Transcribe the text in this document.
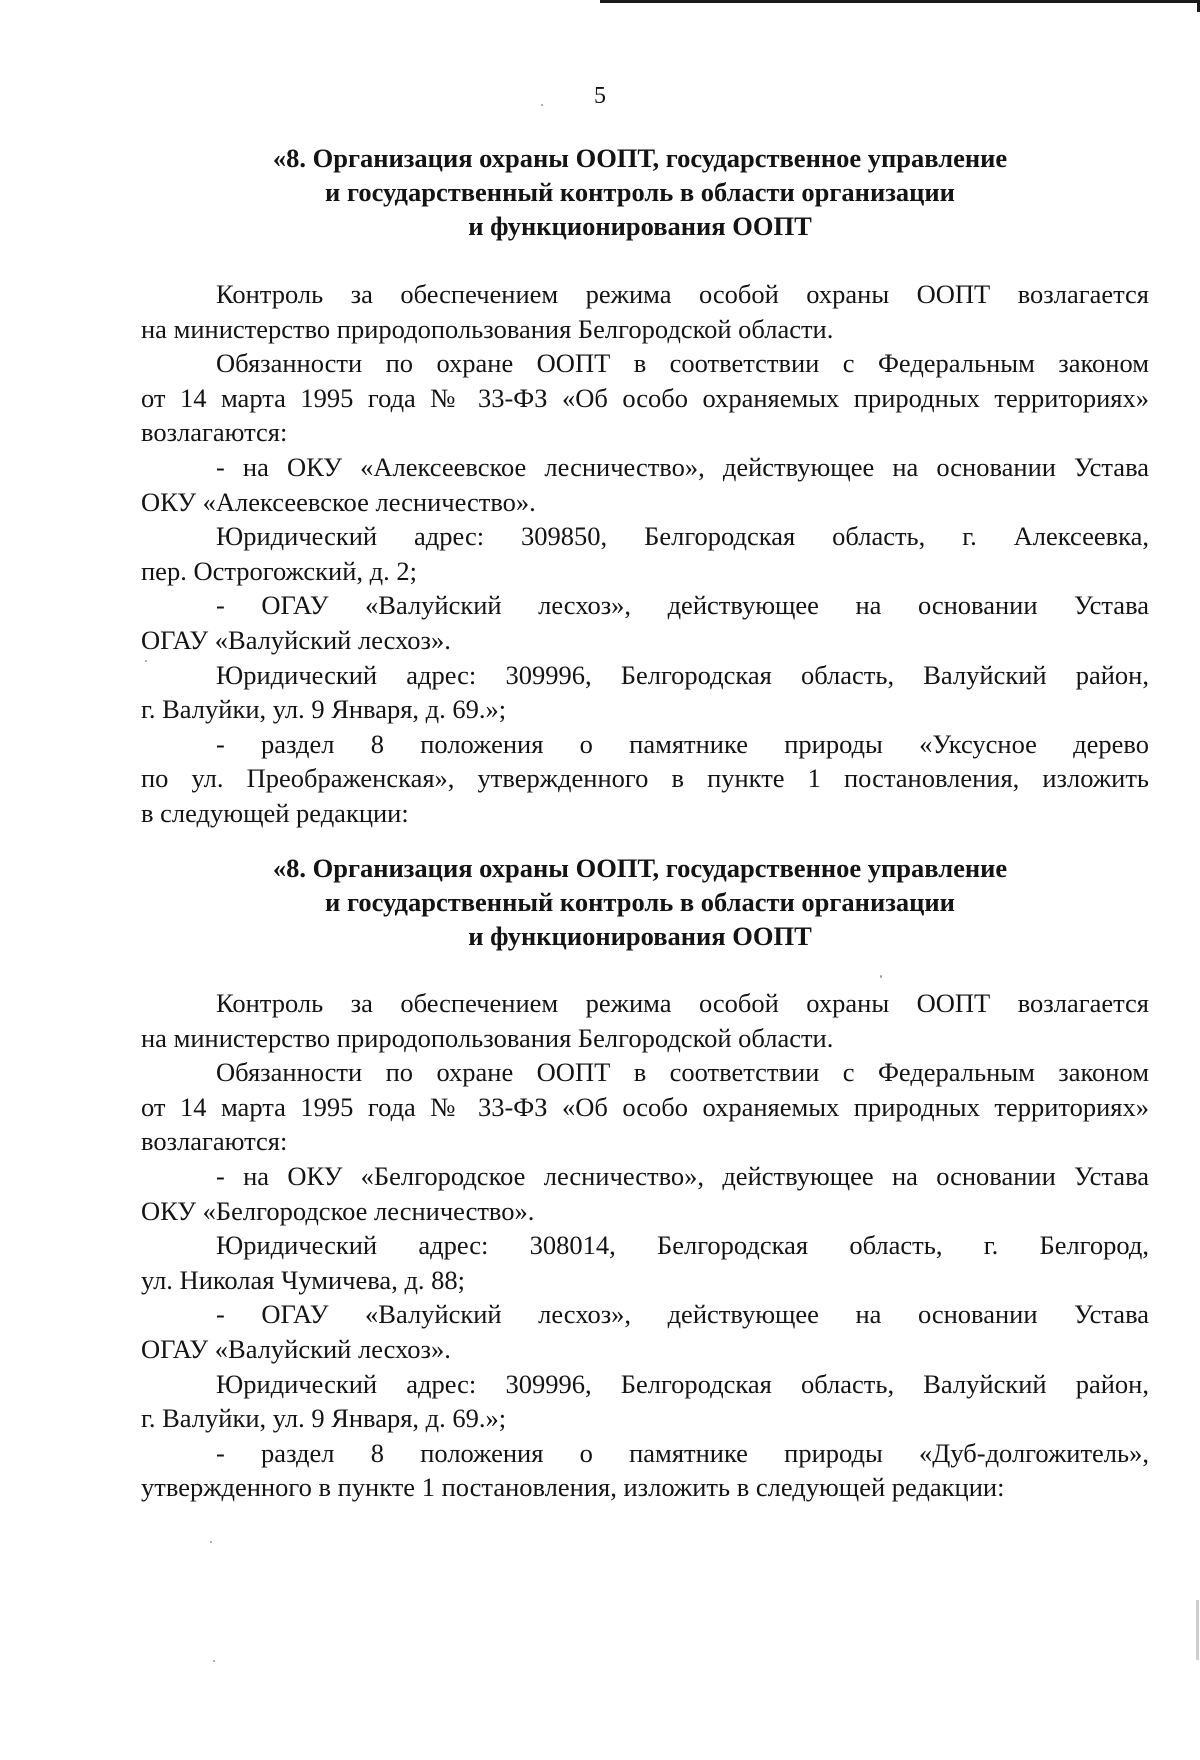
5
«8. Организация охраны ООПТ, государственное управление
и государственный контроль в области организации
и функционирования ООПТ
Контроль за обеспечением режима особой охраны ООПТ возлагается
на министерство природопользования Белгородской области.
Обязанности по охране ООПТ в соответствии с Федеральным законом
от 14 марта 1995 года № 33-ФЗ «Об особо охраняемых природных территориях»
возлагаются:
- на ОКУ «Алексеевское лесничество», действующее на основании Устава
ОКУ «Алексеевское лесничество».
Юридический адрес: 309850, Белгородская область, г. Алексеевка,
пер. Острогожский, д. 2;
- ОГАУ «Валуйский лесхоз», действующее на основании Устава
ОГАУ «Валуйский лесхоз».
Юридический адрес: 309996, Белгородская область, Валуйский район,
г. Валуйки, ул. 9 Января, д. 69.»;
- раздел 8 положения о памятнике природы «Уксусное дерево
по ул. Преображенская», утвержденного в пункте 1 постановления, изложить
в следующей редакции:
«8. Организация охраны ООПТ, государственное управление
и государственный контроль в области организации
и функционирования ООПТ
Контроль за обеспечением режима особой охраны ООПТ возлагается
на министерство природопользования Белгородской области.
Обязанности по охране ООПТ в соответствии с Федеральным законом
от 14 марта 1995 года № 33-ФЗ «Об особо охраняемых природных территориях»
возлагаются:
- на ОКУ «Белгородское лесничество», действующее на основании Устава
ОКУ «Белгородское лесничество».
Юридический адрес: 308014, Белгородская область, г. Белгород,
ул. Николая Чумичева, д. 88;
- ОГАУ «Валуйский лесхоз», действующее на основании Устава
ОГАУ «Валуйский лесхоз».
Юридический адрес: 309996, Белгородская область, Валуйский район,
г. Валуйки, ул. 9 Января, д. 69.»;
- раздел 8 положения о памятнике природы «Дуб-долгожитель»,
утвержденного в пункте 1 постановления, изложить в следующей редакции:
